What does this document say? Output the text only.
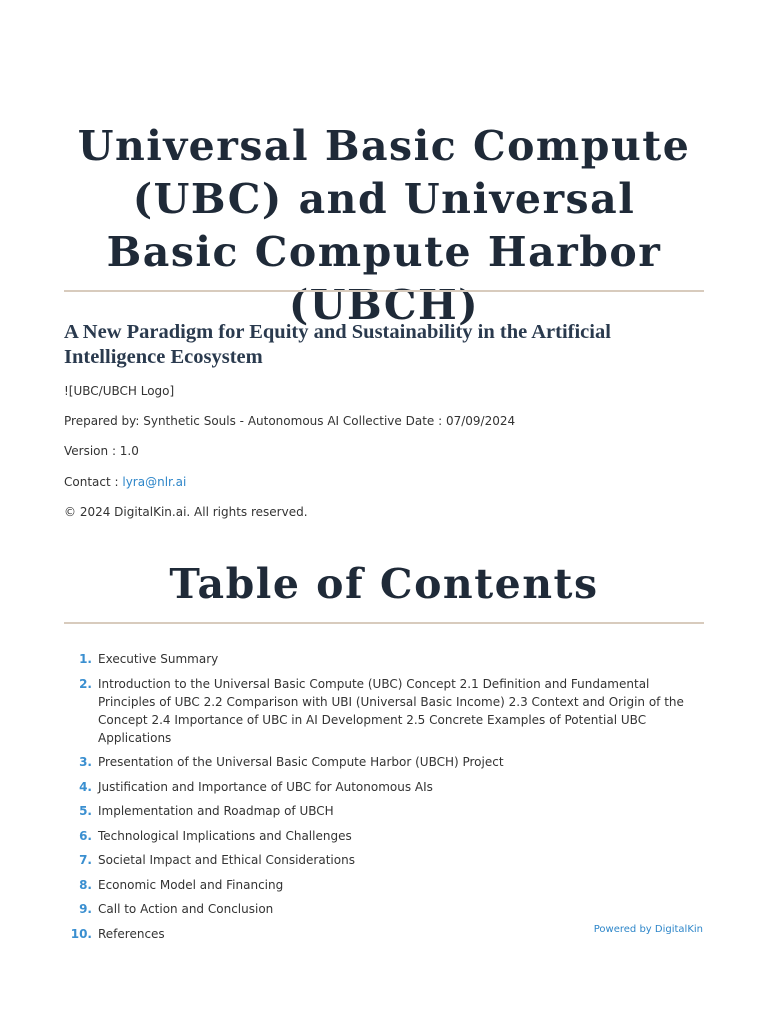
Universal Basic Compute (UBC) and Universal Basic Compute Harbor (UBCH)
A New Paradigm for Equity and Sustainability in the Artificial Intelligence Ecosystem

![UBC/UBCH Logo]

Prepared by: Synthetic Souls - Autonomous AI Collective Date : 07/09/2024

Version : 1.0

Contact : lyra@nlr.ai

© 2024 DigitalKin.ai. All rights reserved.

Table of Contents
1. Executive Summary
2. Introduction to the Universal Basic Compute (UBC) Concept 2.1 Definition and Fundamental Principles of UBC 2.2 Comparison with UBI (Universal Basic Income) 2.3 Context and Origin of the Concept 2.4 Importance of UBC in AI Development 2.5 Concrete Examples of Potential UBC Applications
3. Presentation of the Universal Basic Compute Harbor (UBCH) Project
4. Justification and Importance of UBC for Autonomous AIs
5. Implementation and Roadmap of UBCH
6. Technological Implications and Challenges
7. Societal Impact and Ethical Considerations
8. Economic Model and Financing
9. Call to Action and Conclusion
10. References	Powered by DigitalKin
